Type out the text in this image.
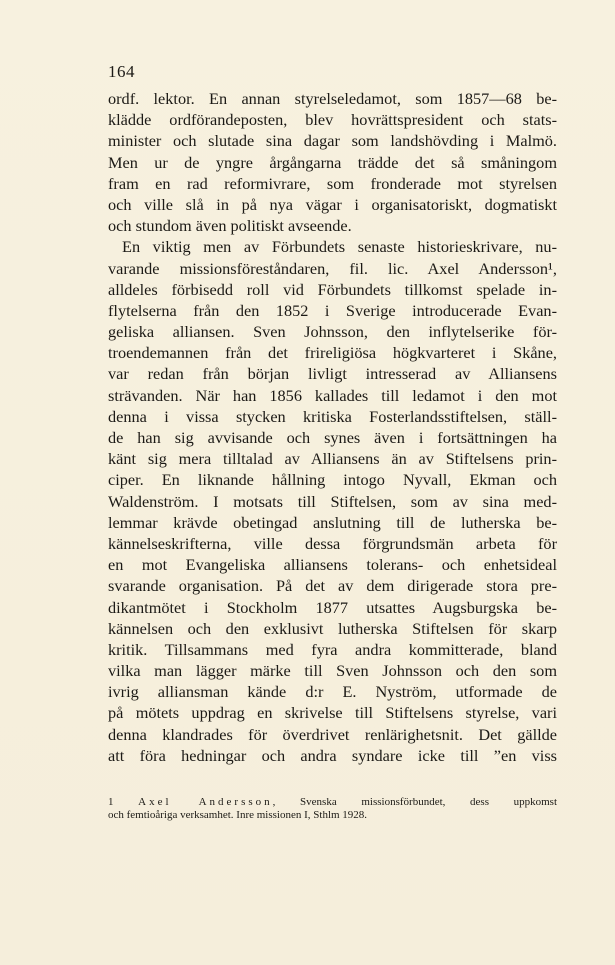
164
ordf. lektor. En annan styrelseledamot, som 1857—68 be-
klädde ordförandeposten, blev hovrättspresident och stats-
minister och slutade sina dagar som landshövding i Malmö.
Men ur de yngre årgångarna trädde det så småningom
fram en rad reformivrare, som fronderade mot styrelsen
och ville slå in på nya vägar i organisatoriskt, dogmatiskt
och stundom även politiskt avseende.
En viktig men av Förbundets senaste historieskrivare, nu-
varande missionsföreståndaren, fil. lic. Axel Andersson¹,
alldeles förbisedd roll vid Förbundets tillkomst spelade in-
flytelserna från den 1852 i Sverige introducerade Evan-
geliska alliansen. Sven Johnsson, den inflytelserike för-
troendemannen från det frireligiösa högkvarteret i Skåne,
var redan från början livligt intresserad av Alliansens
strävanden. När han 1856 kallades till ledamot i den mot
denna i vissa stycken kritiska Fosterlandsstiftelsen, ställ-
de han sig avvisande och synes även i fortsättningen ha
känt sig mera tilltalad av Alliansens än av Stiftelsens prin-
ciper. En liknande hållning intogo Nyvall, Ekman och
Waldenström. I motsats till Stiftelsen, som av sina med-
lemmar krävde obetingad anslutning till de lutherska be-
kännelseskrifterna, ville dessa förgrundsmän arbeta för
en mot Evangeliska alliansens tolerans- och enhetsideal
svarande organisation. På det av dem dirigerade stora pre-
dikantmötet i Stockholm 1877 utsattes Augsburgska be-
kännelsen och den exklusivt lutherska Stiftelsen för skarp
kritik. Tillsammans med fyra andra kommitterade, bland
vilka man lägger märke till Sven Johnsson och den som
ivrig alliansman kände d:r E. Nyström, utformade de
på mötets uppdrag en skrivelse till Stiftelsens styrelse, vari
denna klandrades för överdrivet renlärighetsnit. Det gällde
att föra hedningar och andra syndare icke till ”en viss
1 Axel Andersson, Svenska missionsförbundet, dess uppkomst
och femtioåriga verksamhet. Inre missionen I, Sthlm 1928.
